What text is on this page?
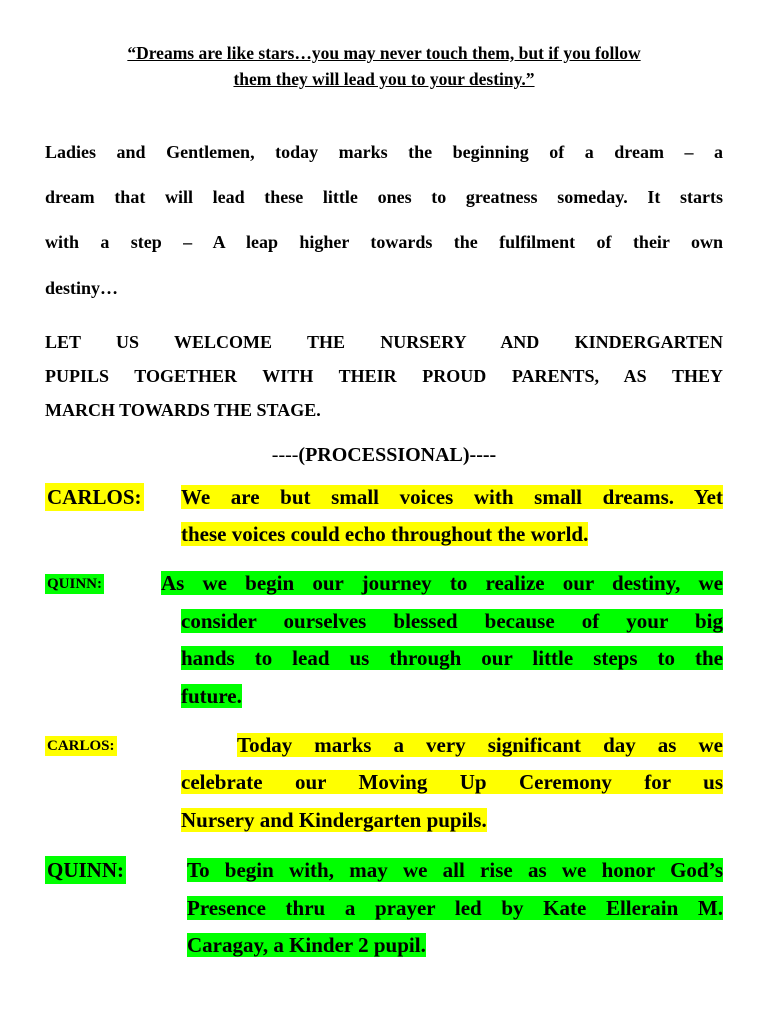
“Dreams are like stars…you may never touch them, but if you follow
them they will lead you to your destiny.”
Ladies and Gentlemen, today marks the beginning of a dream – a
dream that will lead these little ones to greatness someday. It starts
with a step – A leap higher towards the fulfilment of their own
destiny…
LET US WELCOME THE NURSERY AND KINDERGARTEN
PUPILS TOGETHER WITH THEIR PROUD PARENTS, AS THEY
MARCH TOWARDS THE STAGE.
----(PROCESSIONAL)----
CARLOS: We are but small voices with small dreams. Yet
these voices could echo throughout the world.
QUINN:	As we begin our journey to realize our destiny, we
consider ourselves blessed because of your big
hands to lead us through our little steps to the
future.
CARLOS:	Today marks a very significant day as we
celebrate our Moving Up Ceremony for us
Nursery and Kindergarten pupils.
QUINN:	To begin with, may we all rise as we honor God’s
Presence thru a prayer led by Kate Ellerain M.
Caragay, a Kinder 2 pupil.
